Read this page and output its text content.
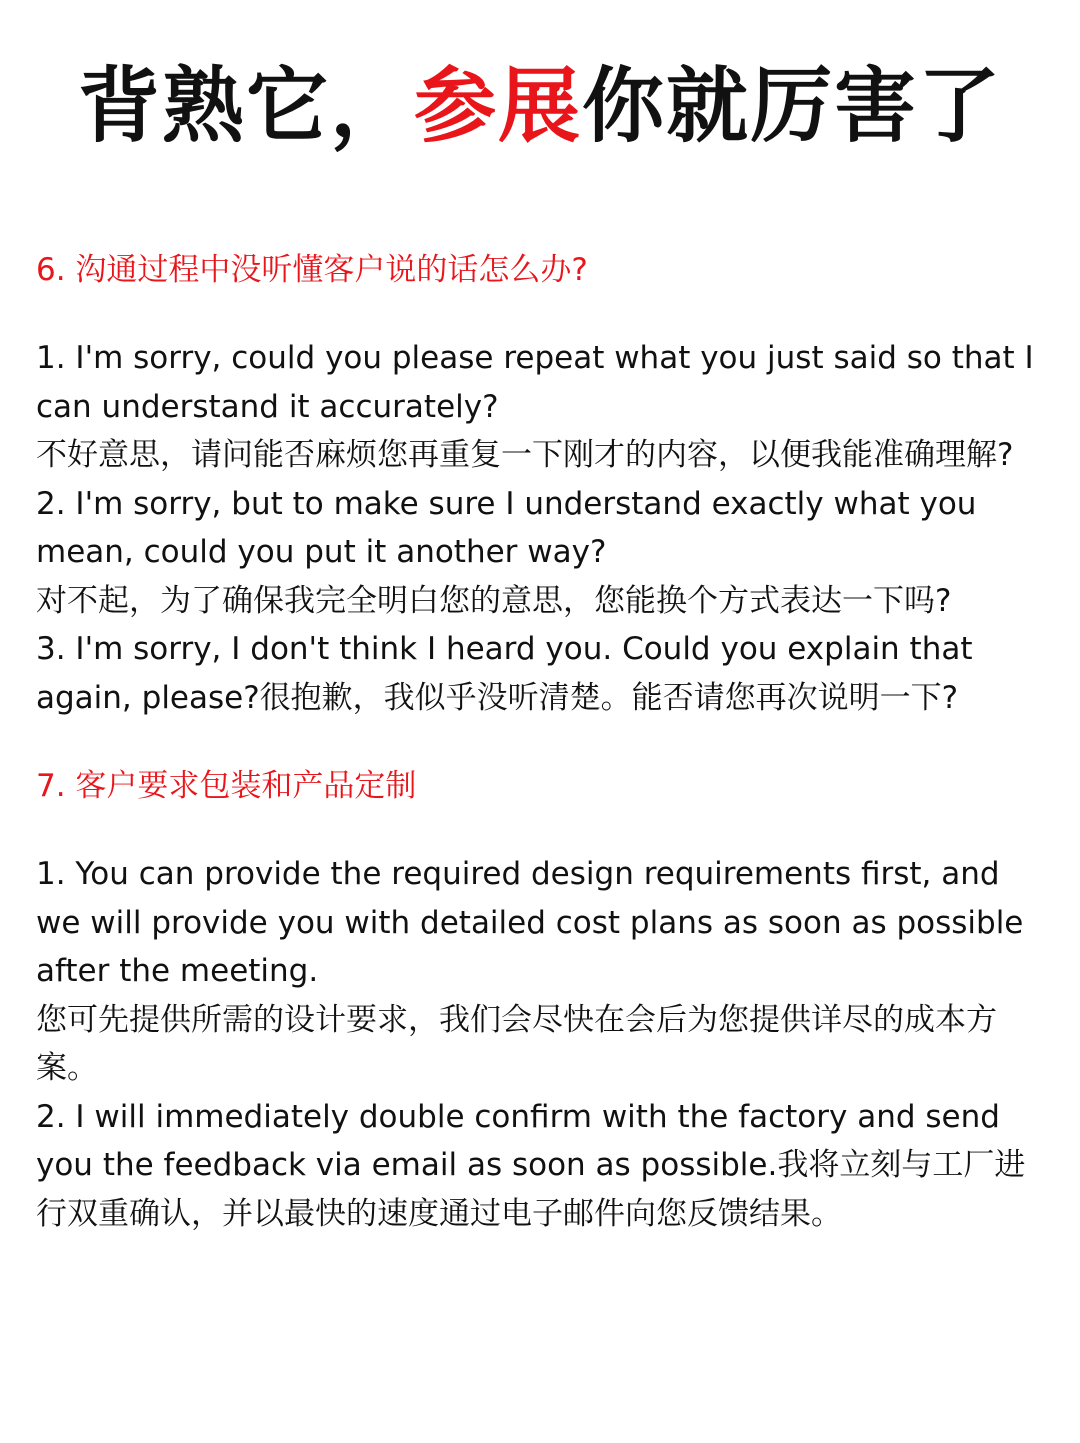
背熟它，参展你就厉害了

6. 沟通过程中没听懂客户说的话怎么办?

1. I'm sorry, could you please repeat what you just said so that I can understand it accurately?
不好意思，请问能否麻烦您再重复一下刚才的内容，以便我能准确理解?

2. I'm sorry, but to make sure I understand exactly what you mean, could you put it another way?
对不起，为了确保我完全明白您的意思，您能换个方式表达一下吗?

3. I'm sorry, I don't think I heard you. Could you explain that again, please?很抱歉，我似乎没听清楚。能否请您再次说明一下?

7. 客户要求包装和产品定制

1. You can provide the required design requirements first, and we will provide you with detailed cost plans as soon as possible after the meeting.
您可先提供所需的设计要求，我们会尽快在会后为您提供详尽的成本方案。

2. I will immediately double confirm with the factory and send you the feedback via email as soon as possible.我将立刻与工厂进行双重确认，并以最快的速度通过电子邮件向您反馈结果。
